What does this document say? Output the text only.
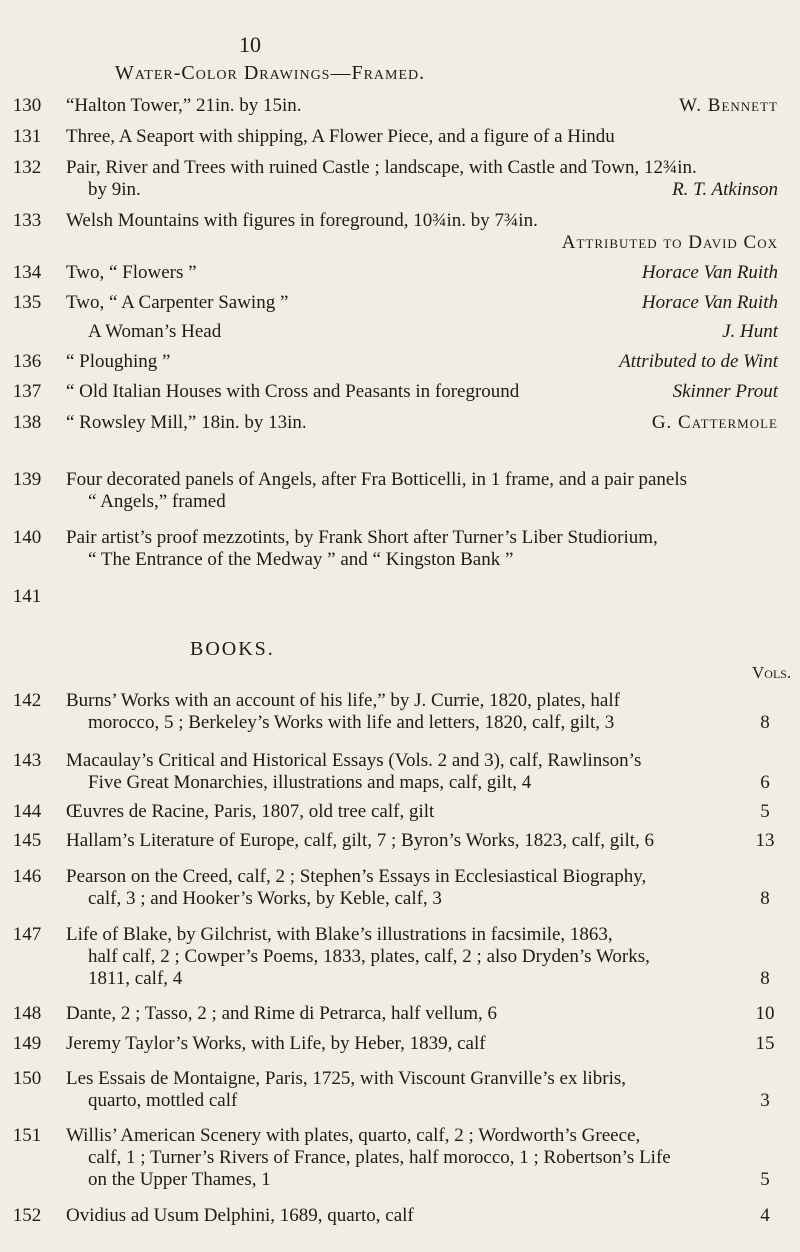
10
Water-Color Drawings—Framed.
130 “Halton Tower,” 21in. by 15in.	W. Bennett
131 Three, A Seaport with shipping, A Flower Piece, and a figure of a Hindu
132 Pair, River and Trees with ruined Castle ; landscape, with Castle and Town, 12¾in.
by 9in.	R. T. Atkinson
133 Welsh Mountains with figures in foreground, 10¾in. by 7¾in.
Attributed to David Cox
134 Two, “ Flowers ”	Horace Van Ruith
135 Two, “ A Carpenter Sawing ”	Horace Van Ruith
A Woman’s Head	J. Hunt
136 “ Ploughing ”	Attributed to de Wint
137 “ Old Italian Houses with Cross and Peasants in foreground	Skinner Prout
138 “ Rowsley Mill,” 18in. by 13in.	G. Cattermole
139 Four decorated panels of Angels, after Fra Botticelli, in 1 frame, and a pair panels
“ Angels,” framed
140 Pair artist’s proof mezzotints, by Frank Short after Turner’s Liber Studiorium,
“ The Entrance of the Medway ” and “ Kingston Bank ”
141
BOOKS.
Vols.
142 Burns’ Works with an account of his life,” by J. Currie, 1820, plates, half
morocco, 5 ; Berkeley’s Works with life and letters, 1820, calf, gilt, 3	8
143 Macaulay’s Critical and Historical Essays (Vols. 2 and 3), calf, Rawlinson’s
Five Great Monarchies, illustrations and maps, calf, gilt, 4	6
144 Œuvres de Racine, Paris, 1807, old tree calf, gilt	5
145 Hallam’s Literature of Europe, calf, gilt, 7 ; Byron’s Works, 1823, calf, gilt, 6	13
146 Pearson on the Creed, calf, 2 ; Stephen’s Essays in Ecclesiastical Biography,
calf, 3 ; and Hooker’s Works, by Keble, calf, 3	8
147 Life of Blake, by Gilchrist, with Blake’s illustrations in facsimile, 1863,
half calf, 2 ; Cowper’s Poems, 1833, plates, calf, 2 ; also Dryden’s Works,
1811, calf, 4	8
148 Dante, 2 ; Tasso, 2 ; and Rime di Petrarca, half vellum, 6	10
149 Jeremy Taylor’s Works, with Life, by Heber, 1839, calf	15
150 Les Essais de Montaigne, Paris, 1725, with Viscount Granville’s ex libris,
quarto, mottled calf	3
151 Willis’ American Scenery with plates, quarto, calf, 2 ; Wordworth’s Greece,
calf, 1 ; Turner’s Rivers of France, plates, half morocco, 1 ; Robertson’s Life
on the Upper Thames, 1	5
152 Ovidius ad Usum Delphini, 1689, quarto, calf	4
